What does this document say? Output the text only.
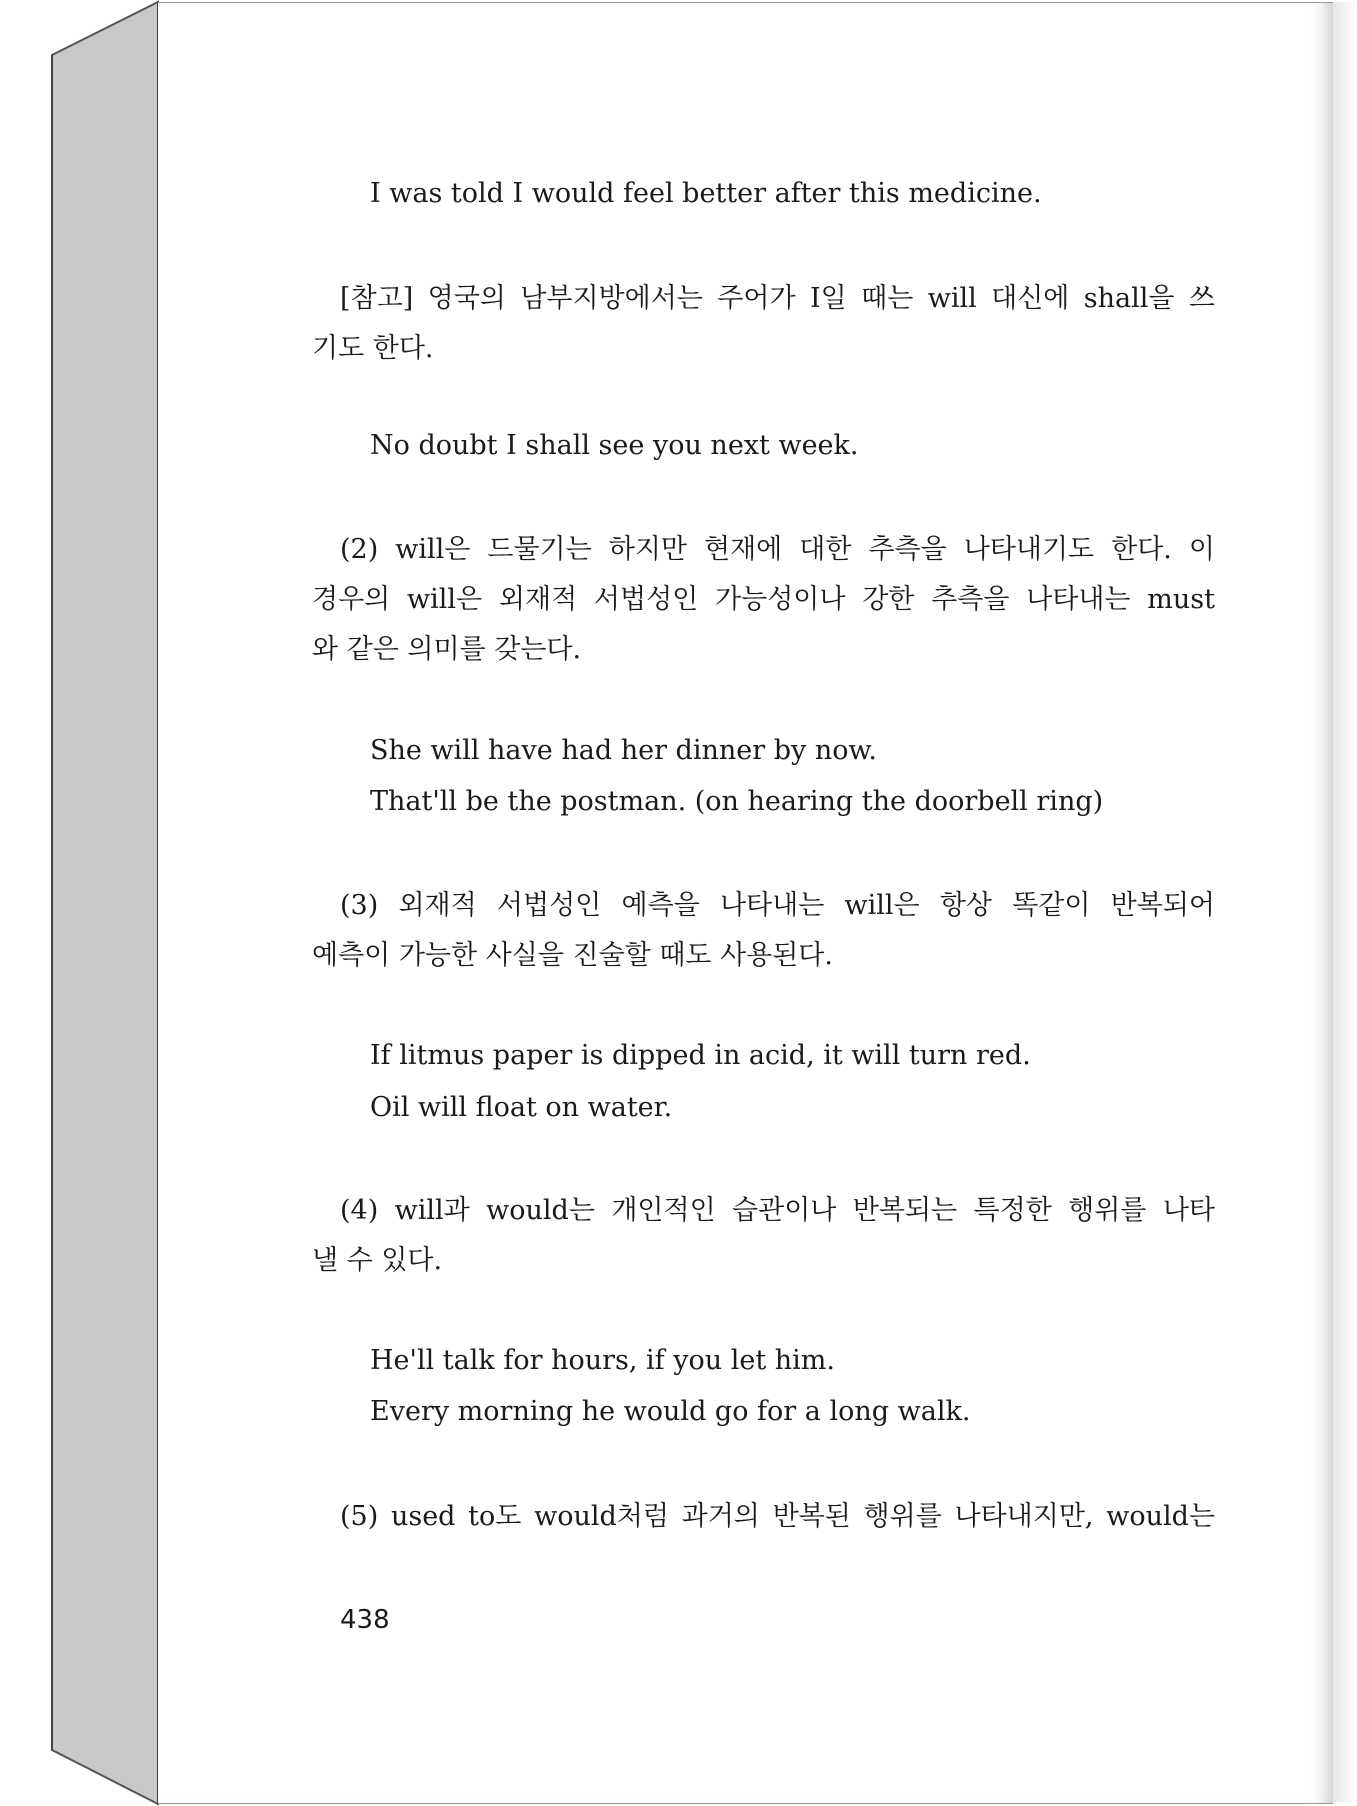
I was told I would feel better after this medicine.
[참고] 영국의 남부지방에서는 주어가 I일 때는 will 대신에 shall을 쓰
기도 한다.
No doubt I shall see you next week.
(2) will은 드물기는 하지만 현재에 대한 추측을 나타내기도 한다. 이
경우의 will은 외재적 서법성인 가능성이나 강한 추측을 나타내는 must
와 같은 의미를 갖는다.
She will have had her dinner by now.
That'll be the postman. (on hearing the doorbell ring)
(3) 외재적 서법성인 예측을 나타내는 will은 항상 똑같이 반복되어
예측이 가능한 사실을 진술할 때도 사용된다.
If litmus paper is dipped in acid, it will turn red.
Oil will float on water.
(4) will과 would는 개인적인 습관이나 반복되는 특정한 행위를 나타
낼 수 있다.
He'll talk for hours, if you let him.
Every morning he would go for a long walk.
(5) used to도 would처럼 과거의 반복된 행위를 나타내지만, would는
438
